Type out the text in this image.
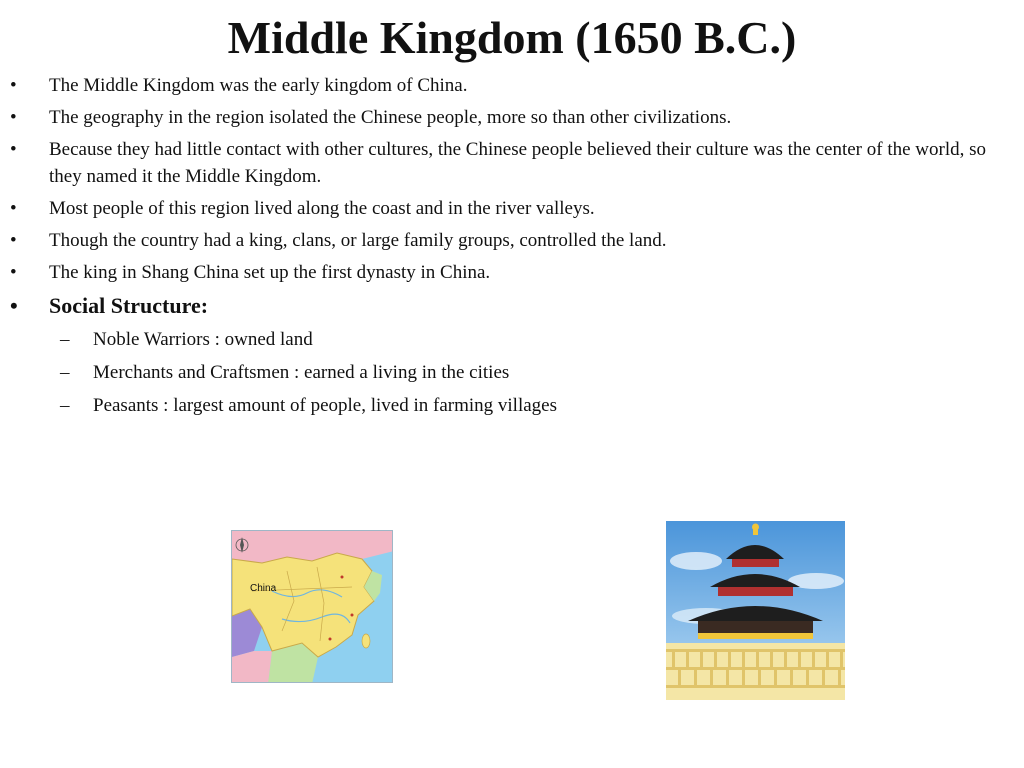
Middle Kingdom (1650 B.C.)
• The Middle Kingdom was the early kingdom of China.
• The geography in the region isolated the Chinese people, more so than other civilizations.
• Because they had little contact with other cultures, the Chinese people believed their culture was the center of the world, so they named it the Middle Kingdom.
• Most people of this region lived along the coast and in the river valleys.
• Though the country had a king, clans, or large family groups, controlled the land.
• The king in Shang China set up the first dynasty in China.
• Social Structure:
– Noble Warriors : owned land
– Merchants and Craftsmen : earned a living in the cities
– Peasants : largest amount of people, lived in farming villages
China
